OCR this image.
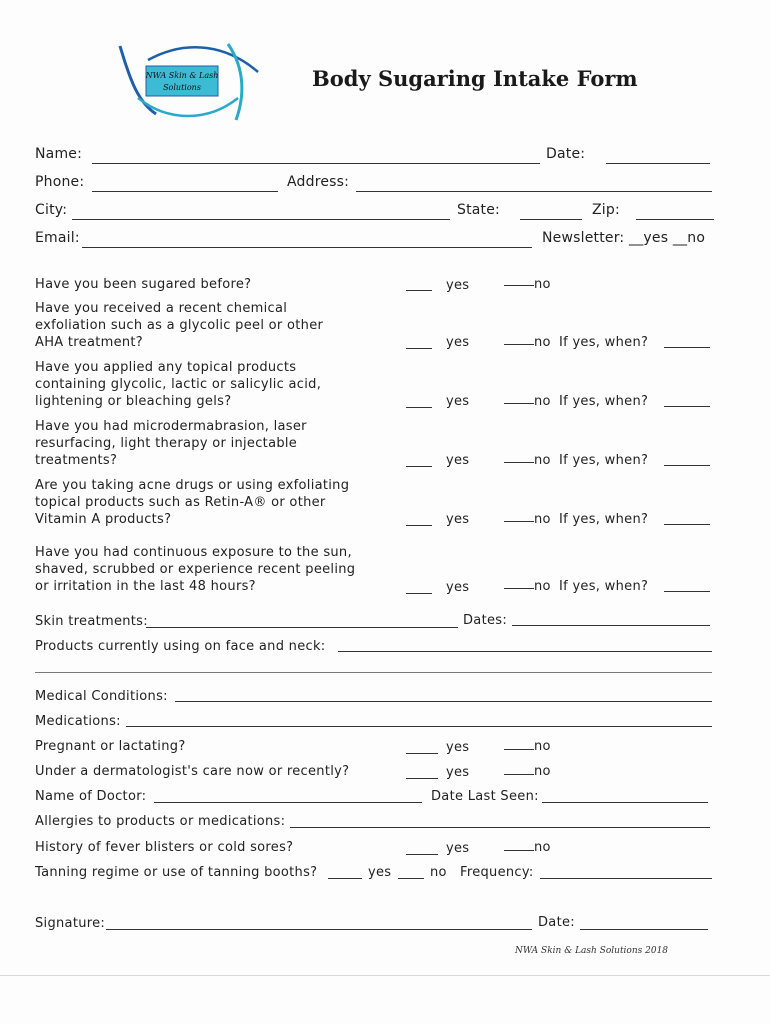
NWA Skin & Lash
Solutions	Body Sugaring Intake Form
Name:	Date:
Phone:	Address:
City:	State:	Zip:
Email:	Newsletter: __yes __no
Have you been sugared before?	yes	no
Have you received a recent chemical
exfoliation such as a glycolic peel or other
AHA treatment?	yes	no If yes, when?
Have you applied any topical products
containing glycolic, lactic or salicylic acid,
lightening or bleaching gels?	yes	no If yes, when?
Have you had microdermabrasion, laser
resurfacing, light therapy or injectable
treatments?	yes	no If yes, when?
Are you taking acne drugs or using exfoliating
topical products such as Retin-A® or other
Vitamin A products?	yes	no If yes, when?
Have you had continuous exposure to the sun,
shaved, scrubbed or experience recent peeling
or irritation in the last 48 hours?	yes	no If yes, when?
Skin treatments:	Dates:
Products currently using on face and neck:
Medical Conditions:
Medications:
Pregnant or lactating?	yes	no
Under a dermatologist's care now or recently?	yes	no
Name of Doctor:	Date Last Seen:
Allergies to products or medications:
History of fever blisters or cold sores?	yes	no
Tanning regime or use of tanning booths?	yes	no Frequency:
Signature:	Date:
NWA Skin & Lash Solutions 2018
